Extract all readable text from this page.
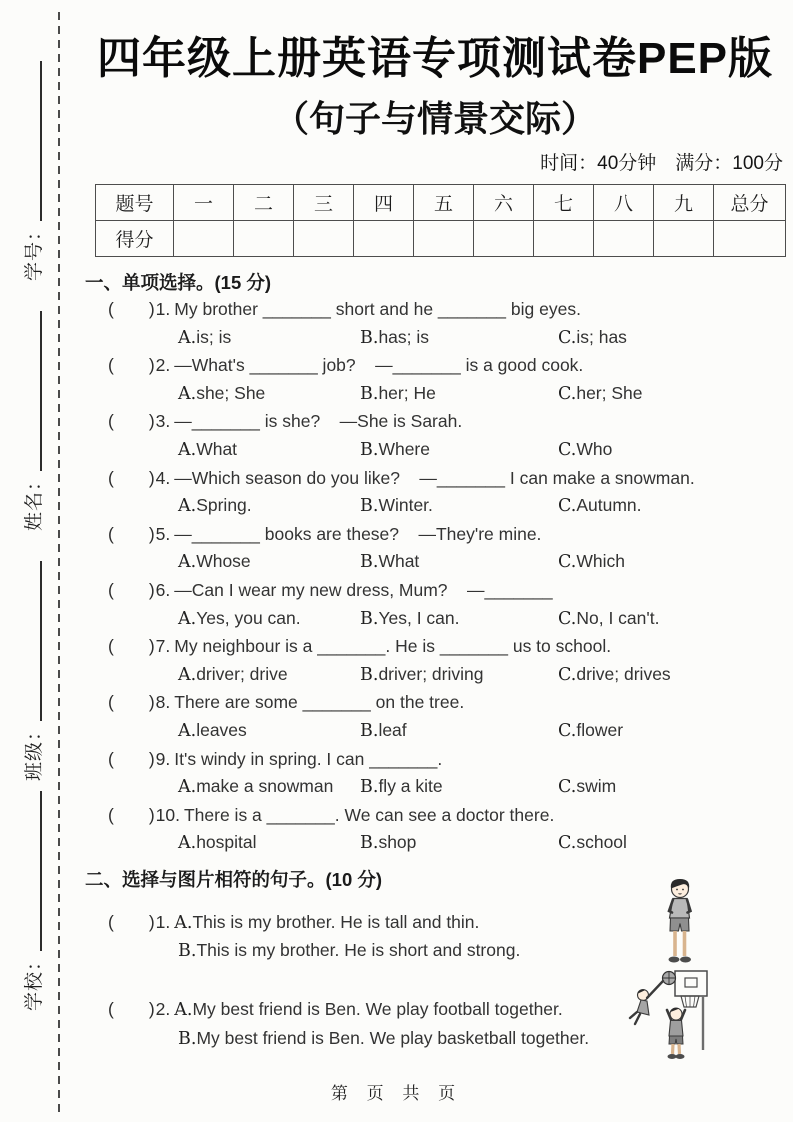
学号：
姓名：
班级：
学校：
四年级上册英语专项测试卷PEP版
（句子与情景交际）
时间：40分钟　满分：100分
题号	一	二	三	四	五	六	七	八	九	总分
得分										
一、单项选择。(15 分)
(　　)1. My brother _______ short and he _______ big eyes.
A.is; is	B.has; is	C.is; has
(　　)2. —What's _______ job?    —_______ is a good cook.
A.she; She	B.her; He	C.her; She
(　　)3. —_______ is she?    —She is Sarah.
A.What	B.Where	C.Who
(　　)4. —Which season do you like?    —_______ I can make a snowman.
A.Spring.	B.Winter.	C.Autumn.
(　　)5. —_______ books are these?    —They're mine.
A.Whose	B.What	C.Which
(　　)6. —Can I wear my new dress, Mum?    —_______
A.Yes, you can.	B.Yes, I can.	C.No, I can't.
(　　)7. My neighbour is a _______. He is _______ us to school.
A.driver; drive	B.driver; driving	C.drive; drives
(　　)8. There are some _______ on the tree.
A.leaves	B.leaf	C.flower
(　　)9. It's windy in spring. I can _______.
A.make a snowman	B.fly a kite	C.swim
(　　)10. There is a _______. We can see a doctor there.
A.hospital	B.shop	C.school
二、选择与图片相符的句子。(10 分)
(　　)1. A.This is my brother. He is tall and thin.
B.This is my brother. He is short and strong.
(　　)2. A.My best friend is Ben. We play football together.
B.My best friend is Ben. We play basketball together.
第 页 共 页
